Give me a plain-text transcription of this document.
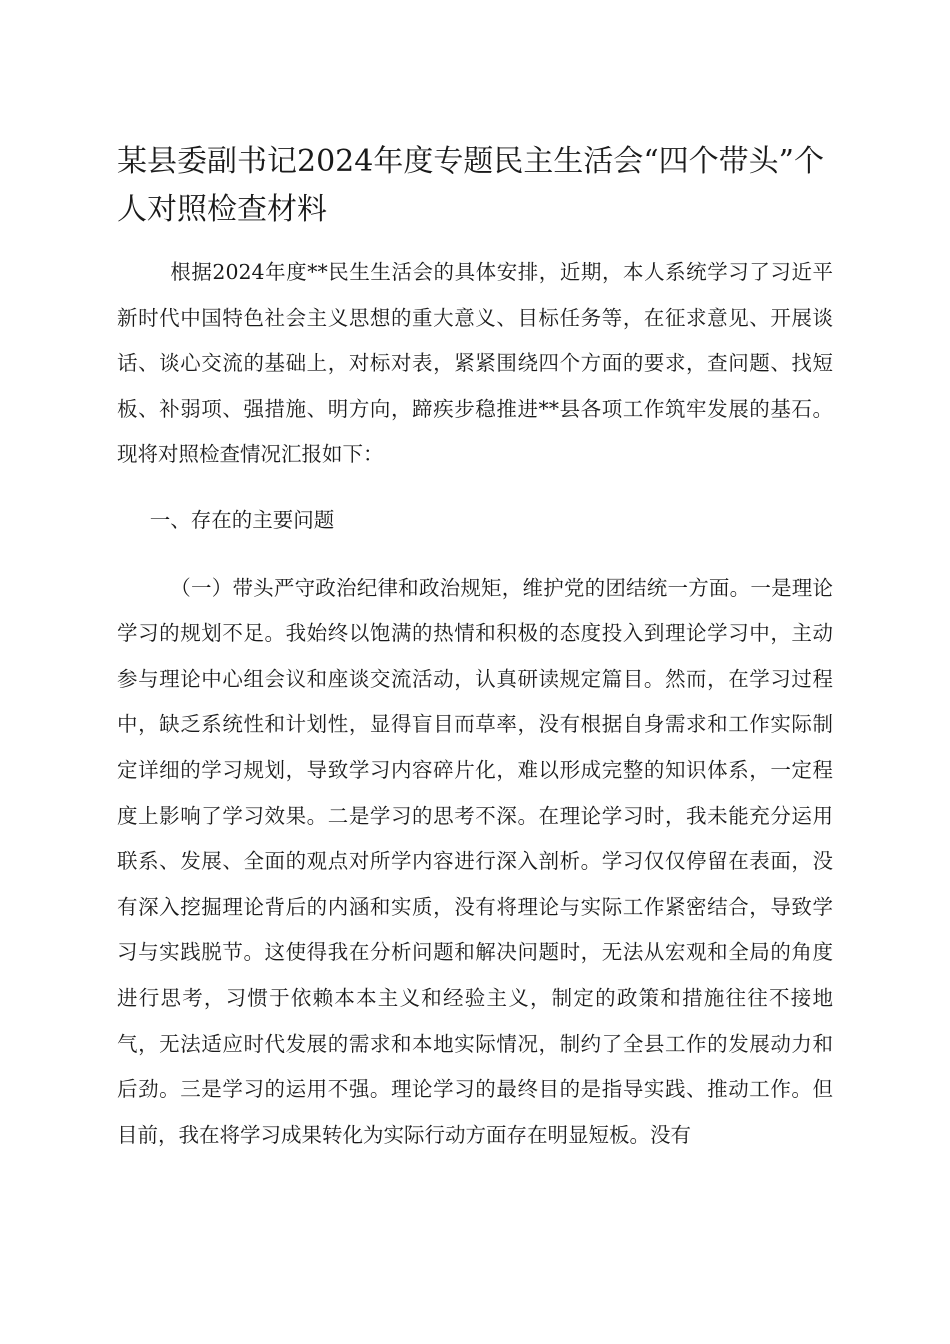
某县委副书记2024年度专题民主生活会“四个带头”个人对照检查材料

根据2024年度**民生生活会的具体安排，近期，本人系统学习了习近平新时代中国特色社会主义思想的重大意义、目标任务等，在征求意见、开展谈话、谈心交流的基础上，对标对表，紧紧围绕四个方面的要求，查问题、找短板、补弱项、强措施、明方向，蹄疾步稳推进**县各项工作筑牢发展的基石。现将对照检查情况汇报如下：

一、存在的主要问题

（一）带头严守政治纪律和政治规矩，维护党的团结统一方面。一是理论学习的规划不足。我始终以饱满的热情和积极的态度投入到理论学习中，主动参与理论中心组会议和座谈交流活动，认真研读规定篇目。然而，在学习过程中，缺乏系统性和计划性，显得盲目而草率，没有根据自身需求和工作实际制定详细的学习规划，导致学习内容碎片化，难以形成完整的知识体系，一定程度上影响了学习效果。二是学习的思考不深。在理论学习时，我未能充分运用联系、发展、全面的观点对所学内容进行深入剖析。学习仅仅停留在表面，没有深入挖掘理论背后的内涵和实质，没有将理论与实际工作紧密结合，导致学习与实践脱节。这使得我在分析问题和解决问题时，无法从宏观和全局的角度进行思考，习惯于依赖本本主义和经验主义，制定的政策和措施往往不接地气，无法适应时代发展的需求和本地实际情况，制约了全县工作的发展动力和后劲。三是学习的运用不强。理论学习的最终目的是指导实践、推动工作。但目前，我在将学习成果转化为实际行动方面存在明显短板。没有
